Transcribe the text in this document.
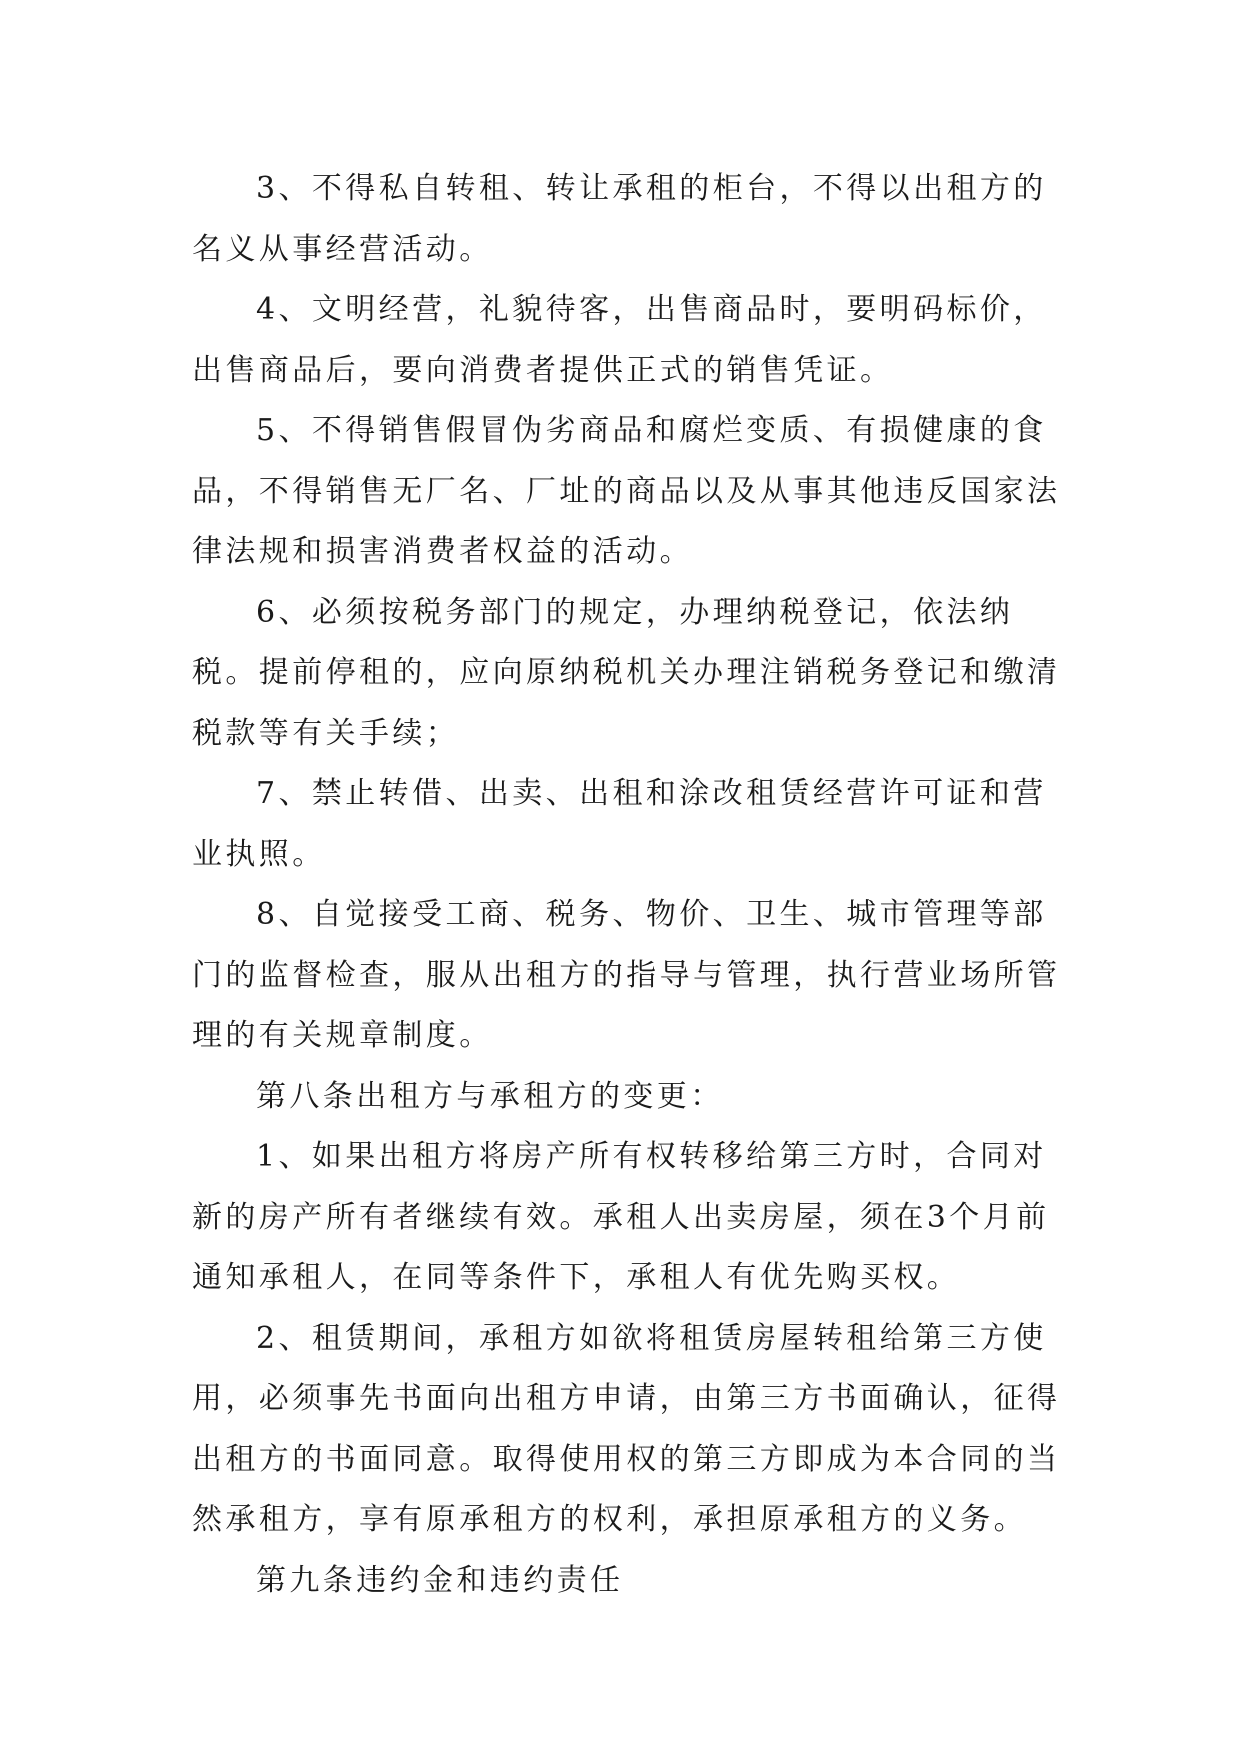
3、不得私自转租、转让承租的柜台，不得以出租方的名义从事经营活动。

4、文明经营，礼貌待客，出售商品时，要明码标价，出售商品后，要向消费者提供正式的销售凭证。

5、不得销售假冒伪劣商品和腐烂变质、有损健康的食品，不得销售无厂名、厂址的商品以及从事其他违反国家法律法规和损害消费者权益的活动。

6、必须按税务部门的规定，办理纳税登记，依法纳税。提前停租的，应向原纳税机关办理注销税务登记和缴清税款等有关手续；

7、禁止转借、出卖、出租和涂改租赁经营许可证和营业执照。

8、自觉接受工商、税务、物价、卫生、城市管理等部门的监督检查，服从出租方的指导与管理，执行营业场所管理的有关规章制度。

第八条出租方与承租方的变更：

1、如果出租方将房产所有权转移给第三方时，合同对新的房产所有者继续有效。承租人出卖房屋，须在3个月前通知承租人，在同等条件下，承租人有优先购买权。

2、租赁期间，承租方如欲将租赁房屋转租给第三方使用，必须事先书面向出租方申请，由第三方书面确认，征得出租方的书面同意。取得使用权的第三方即成为本合同的当然承租方，享有原承租方的权利，承担原承租方的义务。

第九条违约金和违约责任
